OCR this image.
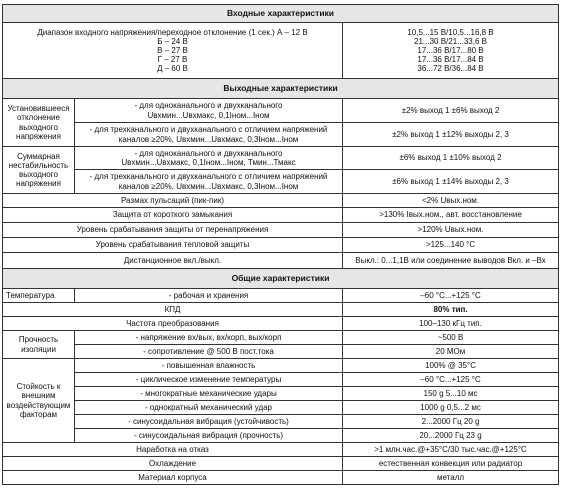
Входные характеристики		
Диапазон входного напряжения/переходное отклонение (1 сек.) А – 12 В
Б – 24 В
В – 27 В
Г – 27 В
Д – 60 В		10,5...15 В/10,5...16,8 В
21...30 В/21...33,6 В
17...36 В/17...80 В
17...36 В/17...84 В
36...72 В/36...84 В
Выходные характеристики		
Установившееся отклонение выходного напряжения	- для одноканального и двухканального
Uвхмин...Uвхмакс, 0,1Iном...Iном	±2% выход 1 ±6% выход 2
	- для трехканального и двухканального с отличием напряжений каналов ≥20%, Uвхмин...Uвхмакс, 0,3Iном...Iном	±2% выход 1 ±12% выходы 2, 3
Суммарная нестабильность выходного напряжения	- для одноканального и двухканального
Uвхмин...Uвхмакс, 0,1Iном...Iном, Тмин...Тмакс	±6% выход 1 ±10% выход 2
	- для трехканального и двухканального с отличием напряжений каналов ≥20%, Uвхмин...Uвхмакс, 0,3Iном...Iном	±6% выход 1 ±14% выходы 2, 3
Размах пульсаций (пик-пик)		<2% Uвых.ном.
Защита от короткого замыкания		>130% Iвых.ном., авт. восстановление
Уровень срабатывания защиты от перенапряжения		>120% Uвых.ном.
Уровень срабатывания тепловой защиты		>125...140 °C
Дистанционное вкл./выкл.		Выкл.: 0...1,1В или соединение выводов Вкл. и –Вх
Общие характеристики		
Температура	- рабочая и хранения	–60 °C...+125 °C
КПД		80% тип.
Частота преобразования		100–130 кГц тип.
Прочность изоляции	- напряжение вх/вых, вх/корп, вых/корп	~500 В
	- сопротивление @ 500 В пост.тока	20 МОм
Стойкость к внешним воздействующим факторам	- повышенная влажность	100% @ 35°C
	- циклическое изменение температуры	–60 °C...+125 °C
	- многократные механические удары	150 g 5...10 мс
	- однократный механический удар	1000 g 0,5...2 мс
	- синусоидальная вибрация (устойчивость)	2...2000 Гц 20 g
	- синусоидальная вибрация (прочность)	20...2000 Гц 23 g
Наработка на отказ		>1 млн.час.@+35°C/30 тыс.час.@+125°C
Охлаждение		естественная конвекция или радиатор
Материал корпуса		металл
